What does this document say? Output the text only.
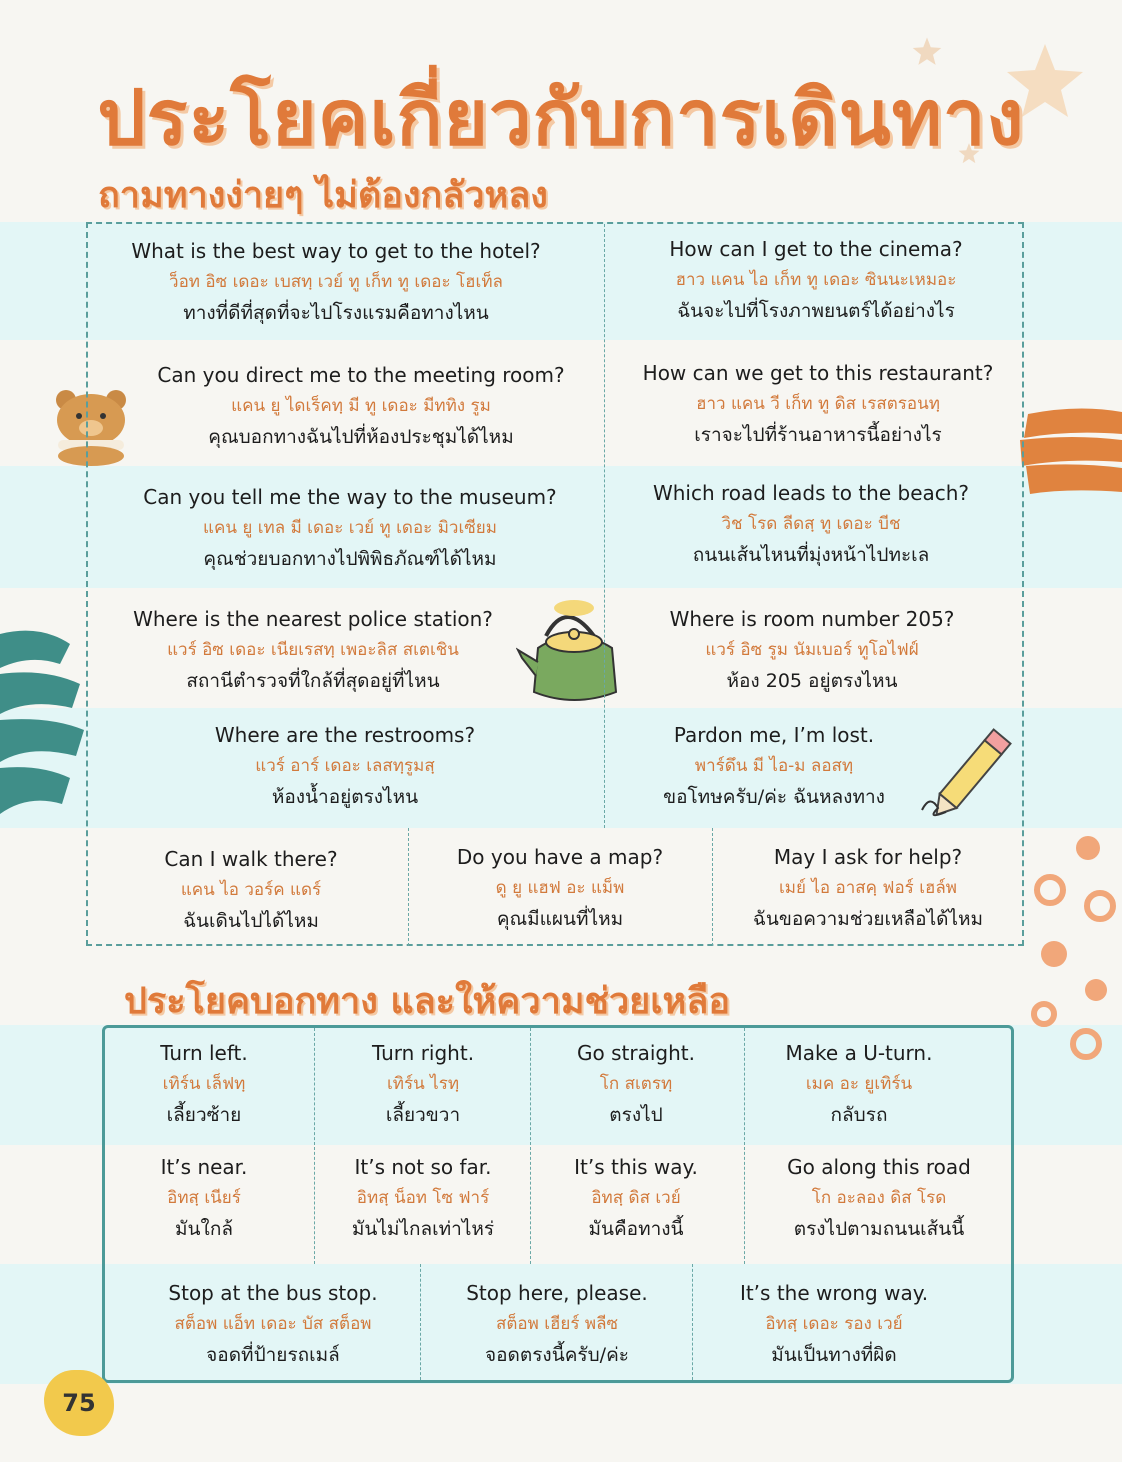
ประโยคเกี่ยวกับการเดินทาง
ถามทางง่ายๆ ไม่ต้องกลัวหลง
ประโยคบอกทาง และให้ความช่วยเหลือ
What is the best way to get to the hotel?
ว็อท อิซ เดอะ เบสทฺ เวย์ ทู เก็ท ทู เดอะ โฮเท็ล
ทางที่ดีที่สุดที่จะไปโรงแรมคือทางไหน
How can I get to the cinema?
ฮาว แคน ไอ เก็ท ทู เดอะ ซินนะเหมอะ
ฉันจะไปที่โรงภาพยนตร์ได้อย่างไร
Can you direct me to the meeting room?
แคน ยู ไดเร็คทฺ มี ทู เดอะ มีททิง รูม
คุณบอกทางฉันไปที่ห้องประชุมได้ไหม
How can we get to this restaurant?
ฮาว แคน วี เก็ท ทู ดิส เรสตรอนทฺ
เราจะไปที่ร้านอาหารนี้อย่างไร
Can you tell me the way to the museum?
แคน ยู เทล มี เดอะ เวย์ ทู เดอะ มิวเซียม
คุณช่วยบอกทางไปพิพิธภัณฑ์ได้ไหม
Which road leads to the beach?
วิช โรด ลีดสฺ ทู เดอะ บีช
ถนนเส้นไหนที่มุ่งหน้าไปทะเล
Where is the nearest police station?
แวร์ อิซ เดอะ เนียเรสทฺ เพอะลิส สเตเชิน
สถานีตำรวจที่ใกล้ที่สุดอยู่ที่ไหน
Where is room number 205?
แวร์ อิซ รูม นัมเบอร์ ทูโอไฟฝ์
ห้อง 205 อยู่ตรงไหน
Where are the restrooms?
แวร์ อาร์ เดอะ เลสทฺรูมสฺ
ห้องน้ำอยู่ตรงไหน
Pardon me, I’m lost.
พาร์ดึน มี ไอ-ม ลอสทฺ
ขอโทษครับ/ค่ะ ฉันหลงทาง
Can I walk there?
แคน ไอ วอร์ค แดร์
ฉันเดินไปได้ไหม
Do you have a map?
ดู ยู แฮฟ อะ แม็พ
คุณมีแผนที่ไหม
May I ask for help?
เมย์ ไอ อาสคฺ ฟอร์ เฮล์พ
ฉันขอความช่วยเหลือได้ไหม
Turn left.
เทิร์น เล็ฟทฺ
เลี้ยวซ้าย
Turn right.
เทิร์น ไรทฺ
เลี้ยวขวา
Go straight.
โก สเตรทฺ
ตรงไป
Make a U-turn.
เมค อะ ยูเทิร์น
กลับรถ
It’s near.
อิทสฺ เนียร์
มันใกล้
It’s not so far.
อิทสฺ น็อท โซ ฟาร์
มันไม่ไกลเท่าไหร่
It’s this way.
อิทสฺ ดิส เวย์
มันคือทางนี้
Go along this road
โก อะลอง ดิส โรด
ตรงไปตามถนนเส้นนี้
Stop at the bus stop.
สต็อพ แอ็ท เดอะ บัส สต็อพ
จอดที่ป้ายรถเมล์
Stop here, please.
สต็อพ เฮียร์ พลีซ
จอดตรงนี้ครับ/ค่ะ
It’s the wrong way.
อิทสฺ เดอะ รอง เวย์
มันเป็นทางที่ผิด
75
